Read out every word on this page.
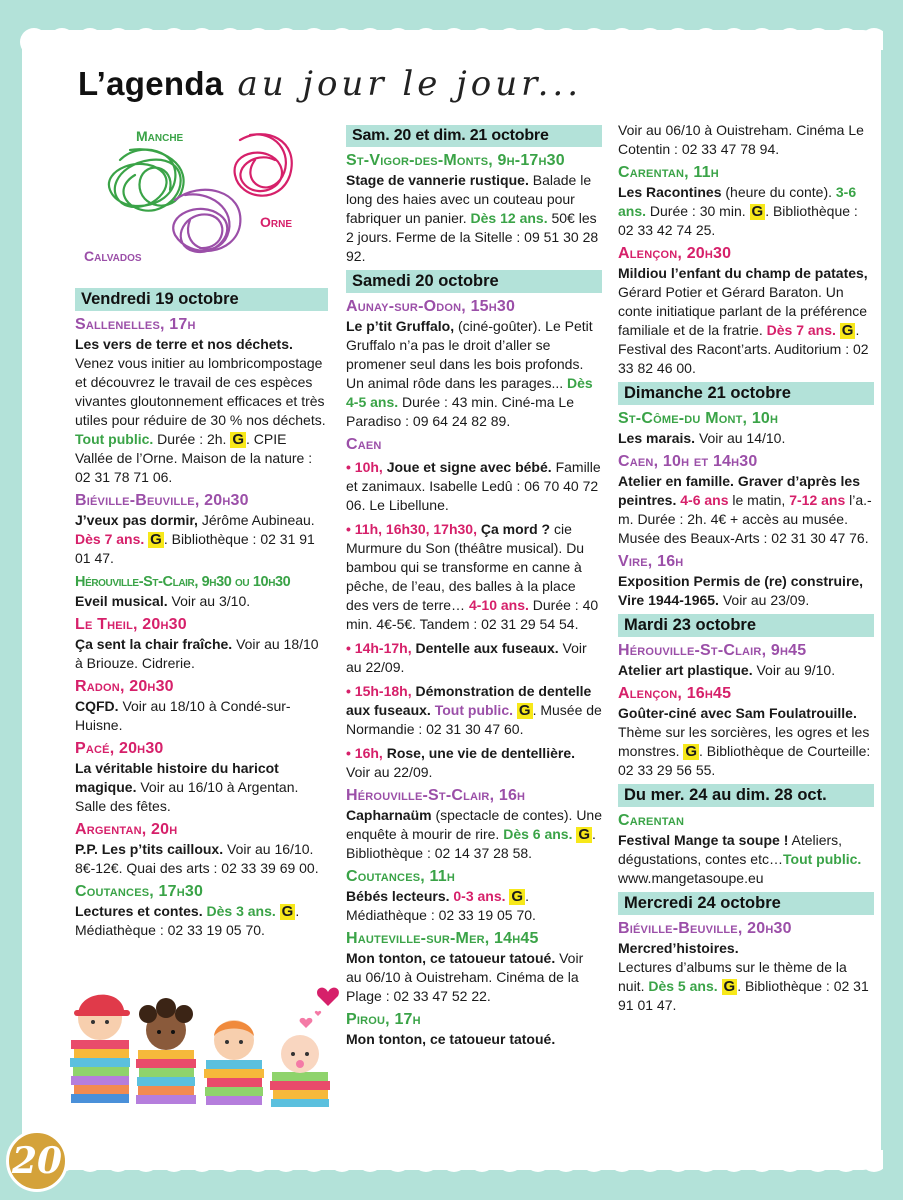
L’agenda au jour le jour...
Manche
Orne
Calvados
Vendredi 19 octobre
Sallenelles, 17h
Les vers de terre et nos déchets. Venez vous initier au lombricompostage et découvrez le travail de ces espèces vivantes gloutonnement efficaces et très utiles pour réduire de 30 % nos déchets. Tout public. Durée : 2h. G . CPIE Vallée de l’Orne. Maison de la nature : 02 31 78 71 06.
Biéville-Beuville, 20h30
J’veux pas dormir, Jérôme Aubineau. Dès 7 ans. G . Bibliothèque : 02 31 91 01 47.
Hérouville-St-Clair, 9h30 ou 10h30
Eveil musical. Voir au 3/10.
Le Theil, 20h30
Ça sent la chair fraîche. Voir au 18/10 à Briouze. Cidrerie.
Radon, 20h30
CQFD. Voir au 18/10 à Condé-sur-Huisne.
Pacé, 20h30
La véritable histoire du haricot magique. Voir au 16/10 à Argentan. Salle des fêtes.
Argentan, 20h
P.P. Les p’tits cailloux. Voir au 16/10. 8€-12€. Quai des arts : 02 33 39 69 00.
Coutances, 17h30
Lectures et contes. Dès 3 ans. G . Médiathèque : 02 33 19 05 70.
Sam. 20 et dim. 21 octobre
St-Vigor-des-Monts, 9h-17h30
Stage de vannerie rustique. Balade le long des haies avec un couteau pour fabriquer un panier. Dès 12 ans. 50€ les 2 jours. Ferme de la Sitelle : 09 51 30 28 92.
Samedi 20 octobre
Aunay-sur-Odon, 15h30
Le p’tit Gruffalo, (ciné-goûter). Le Petit Gruffalo n’a pas le droit d’aller se promener seul dans les bois profonds. Un animal rôde dans les parages... Dès 4-5 ans. Durée : 43 min. Ciné-ma Le Paradiso : 09 64 24 82 89.
Caen
• 10h, Joue et signe avec bébé. Famille et zanimaux. Isabelle Ledû : 06 70 40 72 06. Le Libellune.
• 11h, 16h30, 17h30, Ça mord ? cie Murmure du Son (théâtre musical). Du bambou qui se transforme en canne à pêche, de l’eau, des balles à la place des vers de terre… 4-10 ans. Durée : 40 min. 4€-5€. Tandem : 02 31 29 54 54.
• 14h-17h, Dentelle aux fuseaux. Voir au 22/09.
• 15h-18h, Démonstration de dentelle aux fuseaux. Tout public. G . Musée de Normandie : 02 31 30 47 60.
• 16h, Rose, une vie de dentellière. Voir au 22/09.
Hérouville-St-Clair, 16h
Capharnaüm (spectacle de contes). Une enquête à mourir de rire. Dès 6 ans. G . Bibliothèque : 02 14 37 28 58.
Coutances, 11h
Bébés lecteurs. 0-3 ans. G . Médiathèque : 02 33 19 05 70.
Hauteville-sur-Mer, 14h45
Mon tonton, ce tatoueur tatoué. Voir au 06/10 à Ouistreham. Cinéma de la Plage : 02 33 47 52 22.
Pirou, 17h
Mon tonton, ce tatoueur tatoué.
Voir au 06/10 à Ouistreham. Cinéma Le Cotentin : 02 33 47 78 94.
Carentan, 11h
Les Racontines (heure du conte). 3-6 ans. Durée : 30 min. G . Bibliothèque : 02 33 42 74 25.
Alençon, 20h30
Mildiou l’enfant du champ de patates, Gérard Potier et Gérard Baraton. Un conte initiatique parlant de la préférence familiale et de la fratrie. Dès 7 ans. G . Festival des Racont’arts. Auditorium : 02 33 82 46 00.
Dimanche 21 octobre
St-Côme-du Mont, 10h
Les marais. Voir au 14/10.
Caen, 10h et 14h30
Atelier en famille. Graver d’après les peintres. 4-6 ans le matin, 7-12 ans l’a.-m. Durée : 2h. 4€ + accès au musée. Musée des Beaux-Arts : 02 31 30 47 76.
Vire, 16h
Exposition Permis de (re) construire, Vire 1944-1965. Voir au 23/09.
Mardi 23 octobre
Hérouville-St-Clair, 9h45
Atelier art plastique. Voir au 9/10.
Alençon, 16h45
Goûter-ciné avec Sam Foulatrouille. Thème sur les sorcières, les ogres et les monstres. G . Bibliothèque de Courteille: 02 33 29 56 55.
Du mer. 24 au dim. 28 oct.
Carentan
Festival Mange ta soupe ! Ateliers, dégustations, contes etc…Tout public. www.mangetasoupe.eu
Mercredi 24 octobre
Biéville-Beuville, 20h30
Mercred’histoires.
Lectures d’albums sur le thème de la nuit. Dès 5 ans. G . Bibliothèque : 02 31 91 01 47.
20
